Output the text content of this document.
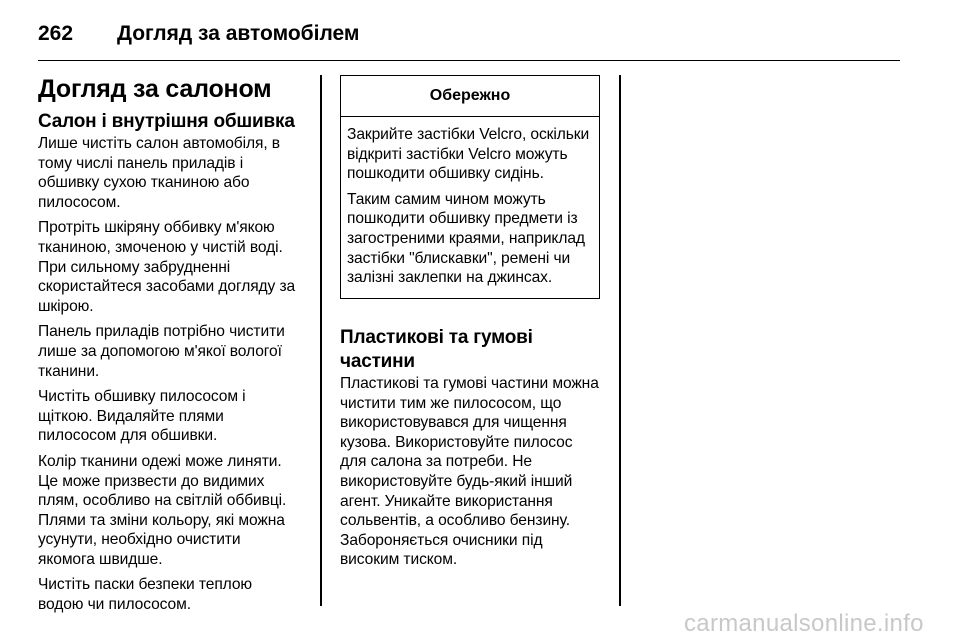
262 Догляд за автомобілем
Догляд за салоном
Салон і внутрішня обшивка

Лише чистіть салон автомобіля, в тому числі панель приладів і обшивку сухою тканиною або пилососом.

Протріть шкіряну оббивку м'якою тканиною, змоченою у чистій воді. При сильному забрудненні скористайтеся засобами догляду за шкірою.

Панель приладів потрібно чистити лише за допомогою м'якої вологої тканини.

Чистіть обшивку пилососом і щіткою. Видаляйте плями пилососом для обшивки.

Колір тканини одежі може линяти. Це може призвести до видимих плям, особливо на світлій оббивці. Плями та зміни кольору, які можна усунути, необхідно очистити якомога швидше.

Чистіть паски безпеки теплою водою чи пилососом.

Обережно

Закрийте застібки Velcro, оскільки відкриті застібки Velcro можуть пошкодити обшивку сидінь.

Таким самим чином можуть пошкодити обшивку предмети із загостреними краями, наприклад застібки "блискавки", ремені чи залізні заклепки на джинсах.

Пластикові та гумові частини

Пластикові та гумові частини можна чистити тим же пилососом, що використовувався для чищення кузова. Використовуйте пилосос для салона за потреби. Не використовуйте будь-який інший агент. Уникайте використання сольвентів, а особливо бензину. Забороняється очисники під високим тиском.

carmanualsonline.info
